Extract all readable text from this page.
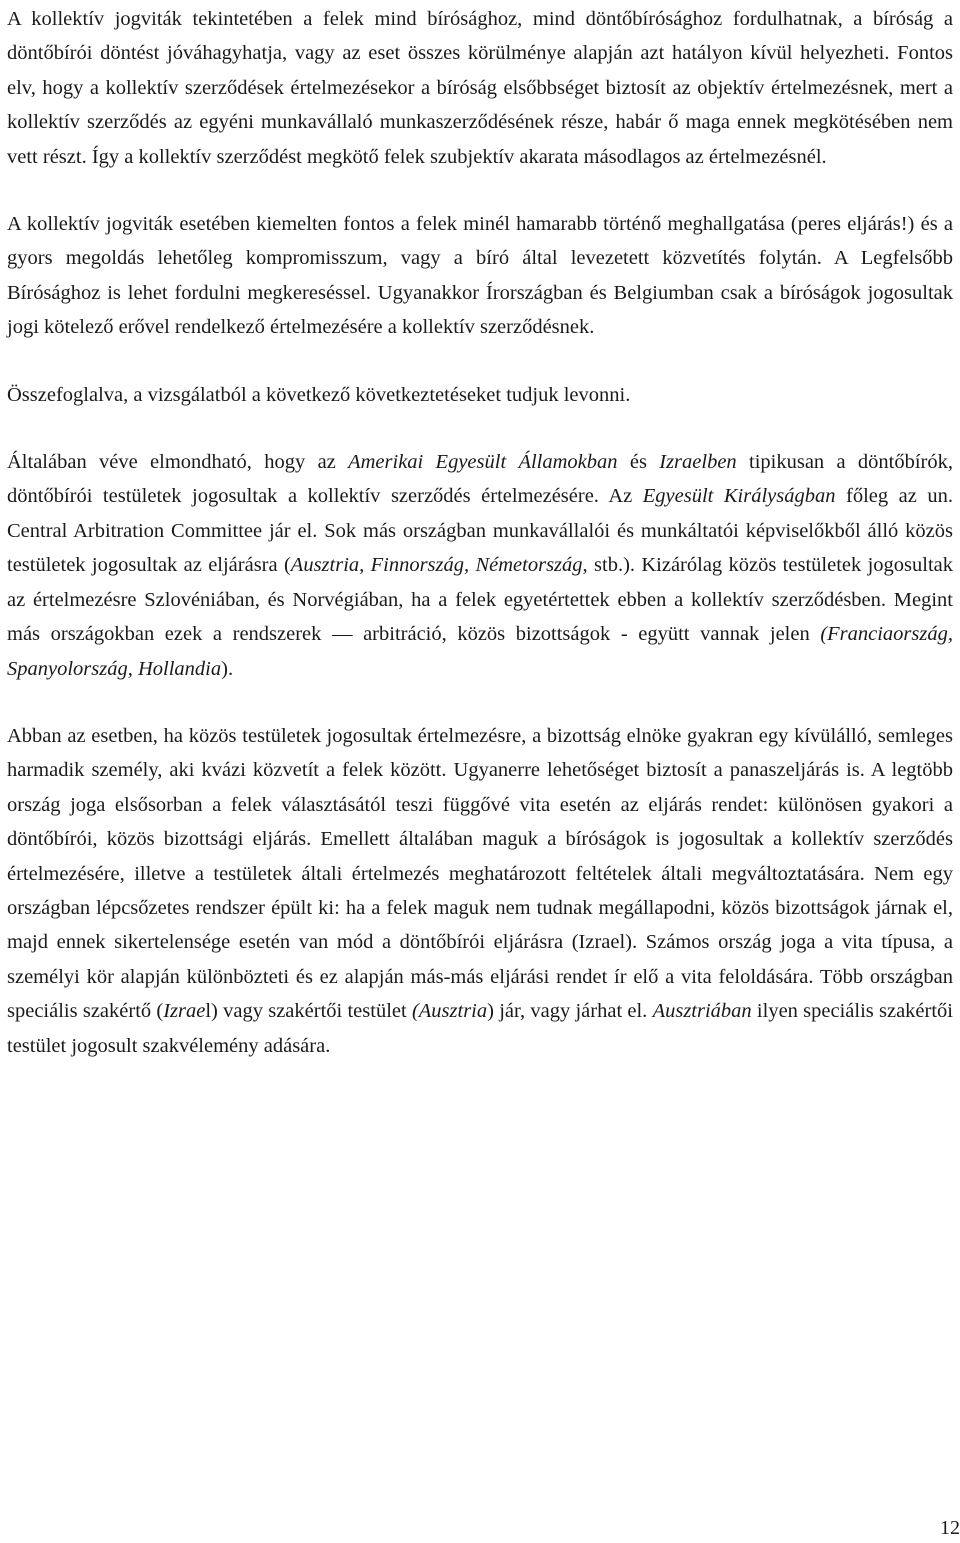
A kollektív jogviták tekintetében a felek mind bírósághoz, mind döntőbírósághoz fordulhatnak, a bíróság a döntőbírói döntést jóváhagyhatja, vagy az eset összes körülménye alapján azt hatályon kívül helyezheti. Fontos elv, hogy a kollektív szerződések értelmezésekor a bíróság elsőbbséget biztosít az objektív értelmezésnek, mert a kollektív szerződés az egyéni munkavállaló munkaszerződésének része, habár ő maga ennek megkötésében nem vett részt. Így a kollektív szerződést megkötő felek szubjektív akarata másodlagos az értelmezésnél.

A kollektív jogviták esetében kiemelten fontos a felek minél hamarabb történő meghallgatása (peres eljárás!) és a gyors megoldás lehetőleg kompromisszum, vagy a bíró által levezetett közvetítés folytán. A Legfelsőbb Bírósághoz is lehet fordulni megkereséssel. Ugyanakkor Írországban és Belgiumban csak a bíróságok jogosultak jogi kötelező erővel rendelkező értelmezésére a kollektív szerződésnek.

Összefoglalva, a vizsgálatból a következő következtetéseket tudjuk levonni.

Általában véve elmondható, hogy az Amerikai Egyesült Államokban és Izraelben tipikusan a döntőbírók, döntőbírói testületek jogosultak a kollektív szerződés értelmezésére. Az Egyesült Királyságban főleg az un. Central Arbitration Committee jár el. Sok más országban munkavállalói és munkáltatói képviselőkből álló közös testületek jogosultak az eljárásra (Ausztria, Finnország, Németország, stb.). Kizárólag közös testületek jogosultak az értelmezésre Szlovéniában, és Norvégiában, ha a felek egyetértettek ebben a kollektív szerződésben. Megint más országokban ezek a rendszerek — arbitráció, közös bizottságok - együtt vannak jelen (Franciaország, Spanyolország, Hollandia).

Abban az esetben, ha közös testületek jogosultak értelmezésre, a bizottság elnöke gyakran egy kívülálló, semleges harmadik személy, aki kvázi közvetít a felek között. Ugyanerre lehetőséget biztosít a panaszeljárás is. A legtöbb ország joga elsősorban a felek választásától teszi függővé vita esetén az eljárás rendet: különösen gyakori a döntőbírói, közös bizottsági eljárás. Emellett általában maguk a bíróságok is jogosultak a kollektív szerződés értelmezésére, illetve a testületek általi értelmezés meghatározott feltételek általi megváltoztatására. Nem egy országban lépcsőzetes rendszer épült ki: ha a felek maguk nem tudnak megállapodni, közös bizottságok járnak el, majd ennek sikertelensége esetén van mód a döntőbírói eljárásra (Izrael). Számos ország joga a vita típusa, a személyi kör alapján különbözteti és ez alapján más-más eljárási rendet ír elő a vita feloldására. Több országban speciális szakértő (Izrael) vagy szakértői testület (Ausztria) jár, vagy járhat el. Ausztriában ilyen speciális szakértői testület jogosult szakvélemény adására.

12
